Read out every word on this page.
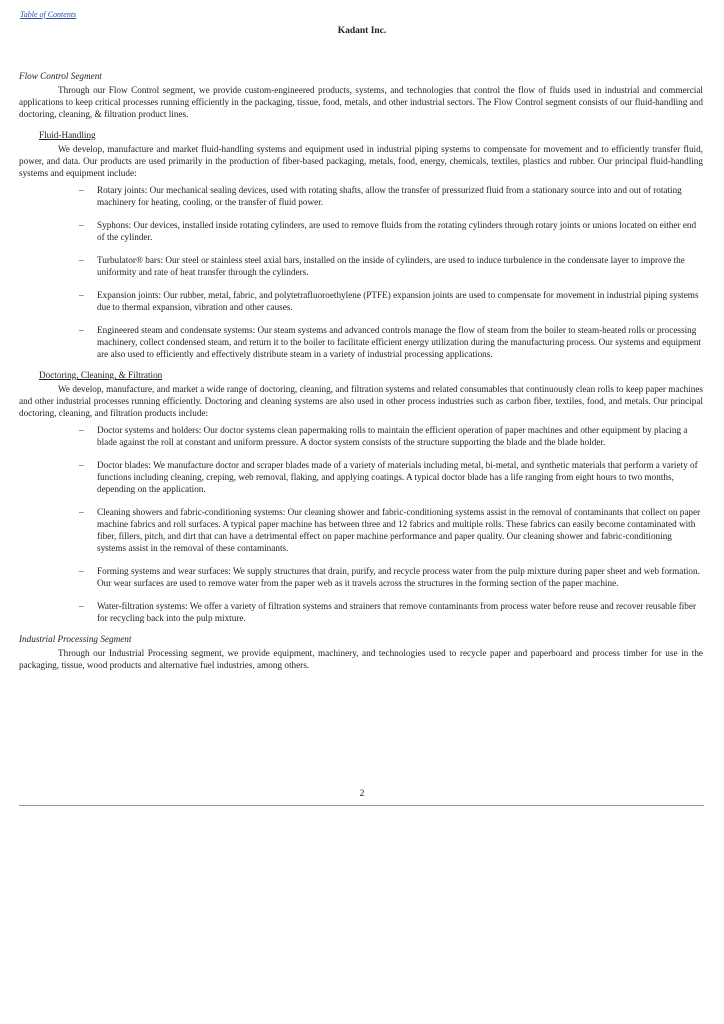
Table of Contents
Kadant Inc.
Flow Control Segment

Through our Flow Control segment, we provide custom-engineered products, systems, and technologies that control the flow of fluids used in industrial and commercial applications to keep critical processes running efficiently in the packaging, tissue, food, metals, and other industrial sectors. The Flow Control segment consists of our fluid-handling and doctoring, cleaning, & filtration product lines.

Fluid-Handling

We develop, manufacture and market fluid-handling systems and equipment used in industrial piping systems to compensate for movement and to efficiently transfer fluid, power, and data. Our products are used primarily in the production of fiber-based packaging, metals, food, energy, chemicals, textiles, plastics and rubber. Our principal fluid-handling systems and equipment include:

– Rotary joints: Our mechanical sealing devices, used with rotating shafts, allow the transfer of pressurized fluid from a stationary source into and out of rotating machinery for heating, cooling, or the transfer of fluid power.
– Syphons: Our devices, installed inside rotating cylinders, are used to remove fluids from the rotating cylinders through rotary joints or unions located on either end of the cylinder.
– Turbulator® bars: Our steel or stainless steel axial bars, installed on the inside of cylinders, are used to induce turbulence in the condensate layer to improve the uniformity and rate of heat transfer through the cylinders.
– Expansion joints: Our rubber, metal, fabric, and polytetrafluoroethylene (PTFE) expansion joints are used to compensate for movement in industrial piping systems due to thermal expansion, vibration and other causes.
– Engineered steam and condensate systems: Our steam systems and advanced controls manage the flow of steam from the boiler to steam-heated rolls or processing machinery, collect condensed steam, and return it to the boiler to facilitate efficient energy utilization during the manufacturing process. Our systems and equipment are also used to efficiently and effectively distribute steam in a variety of industrial processing applications.
Doctoring, Cleaning, & Filtration

We develop, manufacture, and market a wide range of doctoring, cleaning, and filtration systems and related consumables that continuously clean rolls to keep paper machines and other industrial processes running efficiently. Doctoring and cleaning systems are also used in other process industries such as carbon fiber, textiles, food, and metals. Our principal doctoring, cleaning, and filtration products include:

– Doctor systems and holders: Our doctor systems clean papermaking rolls to maintain the efficient operation of paper machines and other equipment by placing a blade against the roll at constant and uniform pressure. A doctor system consists of the structure supporting the blade and the blade holder.
– Doctor blades: We manufacture doctor and scraper blades made of a variety of materials including metal, bi-metal, and synthetic materials that perform a variety of functions including cleaning, creping, web removal, flaking, and applying coatings. A typical doctor blade has a life ranging from eight hours to two months, depending on the application.
– Cleaning showers and fabric-conditioning systems: Our cleaning shower and fabric-conditioning systems assist in the removal of contaminants that collect on paper machine fabrics and roll surfaces. A typical paper machine has between three and 12 fabrics and multiple rolls. These fabrics can easily become contaminated with fiber, fillers, pitch, and dirt that can have a detrimental effect on paper machine performance and paper quality. Our cleaning shower and fabric-conditioning systems assist in the removal of these contaminants.
– Forming systems and wear surfaces: We supply structures that drain, purify, and recycle process water from the pulp mixture during paper sheet and web formation. Our wear surfaces are used to remove water from the paper web as it travels across the structures in the forming section of the paper machine.
– Water-filtration systems: We offer a variety of filtration systems and strainers that remove contaminants from process water before reuse and recover reusable fiber for recycling back into the pulp mixture.
Industrial Processing Segment

Through our Industrial Processing segment, we provide equipment, machinery, and technologies used to recycle paper and paperboard and process timber for use in the packaging, tissue, wood products and alternative fuel industries, among others.

2
